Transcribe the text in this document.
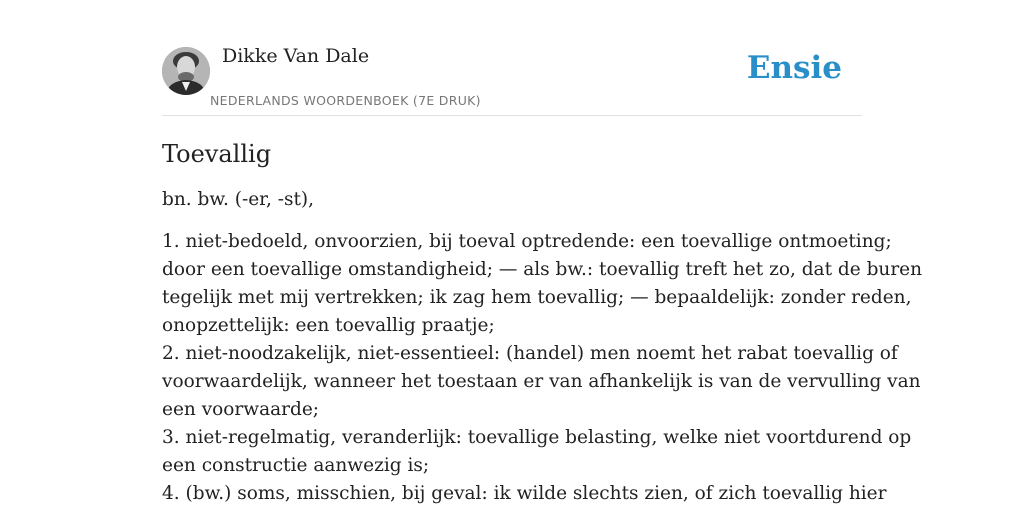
Dikke Van Dale
NEDERLANDS WOORDENBOEK (7E DRUK)
Ensie
Toevallig

bn. bw. (-er, -st),

1. niet-bedoeld, onvoorzien, bij toeval optredende: een toevallige ontmoeting;
door een toevallige omstandigheid; — als bw.: toevallig treft het zo, dat de buren
tegelijk met mij vertrekken; ik zag hem toevallig; — bepaaldelijk: zonder reden,
onopzettelijk: een toevallig praatje;
2. niet-noodzakelijk, niet-essentieel: (handel) men noemt het rabat toevallig of
voorwaardelijk, wanneer het toestaan er van afhankelijk is van de vervulling van
een voorwaarde;
3. niet-regelmatig, veranderlijk: toevallige belasting, welke niet voortdurend op
een constructie aanwezig is;
4. (bw.) soms, misschien, bij geval: ik wilde slechts zien, of zich toevallig hier
